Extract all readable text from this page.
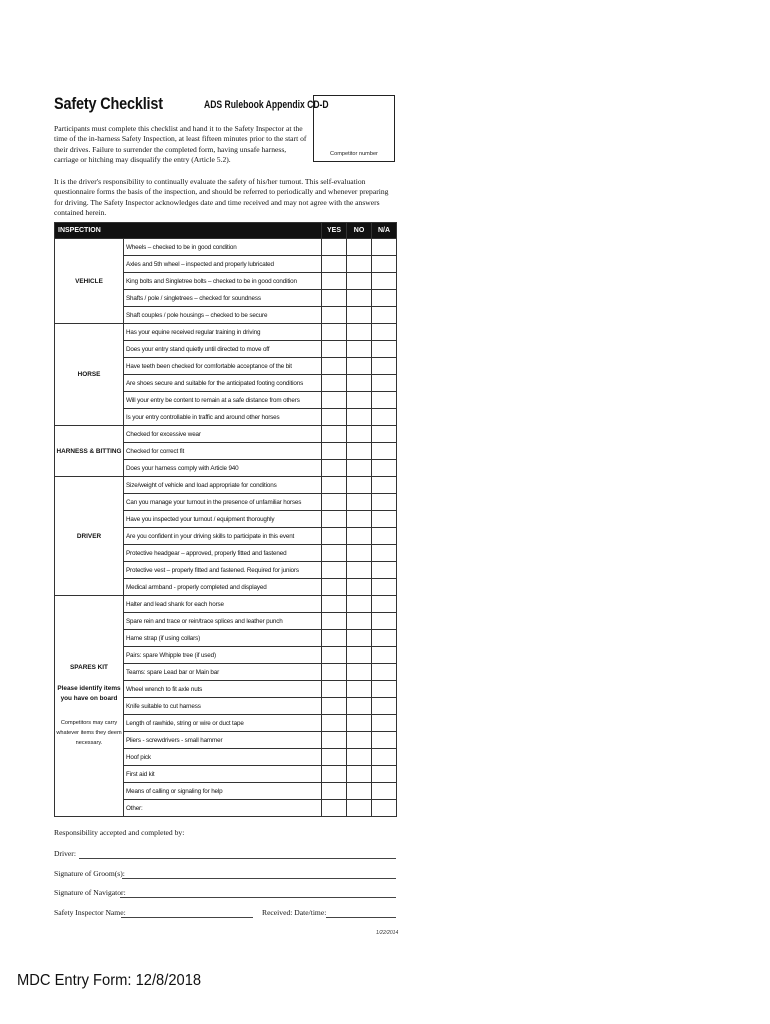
Safety Checklist	ADS Rulebook Appendix CD-D
Competitor number
Participants must complete this checklist and hand it to the Safety Inspector at the time of the in-harness Safety Inspection, at least fifteen minutes prior to the start of their drives. Failure to surrender the completed form, having unsafe harness, carriage or hitching may disqualify the entry (Article 5.2).
It is the driver's responsibility to continually evaluate the safety of his/her turnout. This self-evaluation questionnaire forms the basis of the inspection, and should be referred to periodically and whenever preparing for driving. The Safety Inspector acknowledges date and time received and may not agree with the answers contained herein.
INSPECTION		YES	NO	N/A
VEHICLE	Wheels – checked to be in good condition			
	Axles and 5th wheel – inspected and properly lubricated			
	King bolts and Singletree bolts – checked to be in good condition			
	Shafts / pole / singletrees – checked for soundness			
	Shaft couples / pole housings – checked to be secure			
HORSE	Has your equine received regular training in driving			
	Does your entry stand quietly until directed to move off			
	Have teeth been checked for comfortable acceptance of the bit			
	Are shoes secure and suitable for the anticipated footing conditions			
	Will your entry be content to remain at a safe distance from others			
	Is your entry controllable in traffic and around other horses			
HARNESS & BITTING	Checked for excessive wear			
	Checked for correct fit			
	Does your harness comply with Article 940			
DRIVER	Size/weight of vehicle and load appropriate for conditions			
	Can you manage your turnout in the presence of unfamiliar horses			
	Have you inspected your turnout / equipment thoroughly			
	Are you confident in your driving skills to participate in this event			
	Protective headgear – approved, properly fitted and fastened			
	Protective vest – properly fitted and fastened. Required for juniors			
	Medical armband - properly completed and displayed			
SPARES KIT
Please identify items you have on board
Competitors may carry whatever items they deem necessary.	Halter and lead shank for each horse			
	Spare rein and trace or rein/trace splices and leather punch			
	Hame strap (if using collars)			
	Pairs: spare Whipple tree (if used)			
	Teams: spare Lead bar or Main bar			
	Wheel wrench to fit axle nuts			
	Knife suitable to cut harness			
	Length of rawhide, string or wire or duct tape			
	Pliers - screwdrivers - small hammer			
	Hoof pick			
	First aid kit			
	Means of calling or signaling for help			
	Other:			
Responsibility accepted and completed by:
Driver:
Signature of Groom(s):
Signature of Navigator:
Safety Inspector Name:	Received: Date/time:
1/22/2014
MDC Entry Form: 12/8/2018
